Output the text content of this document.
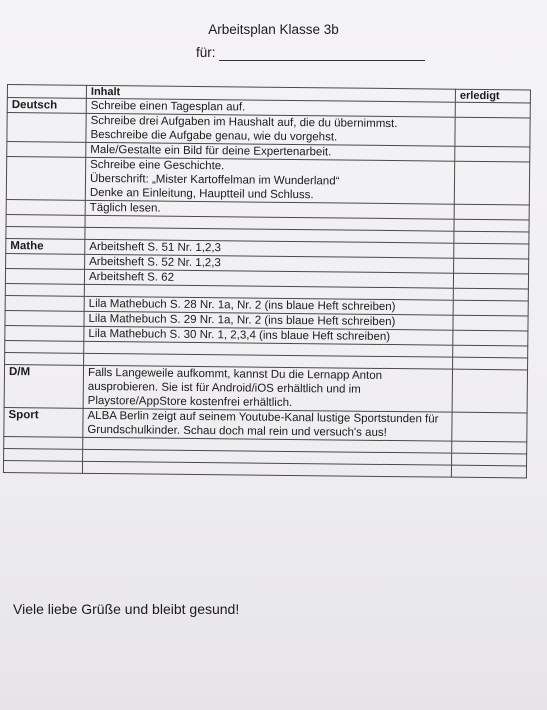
Arbeitsplan Klasse 3b
für:
	Inhalt	erledigt
Deutsch	Schreibe einen Tagesplan auf.	
	Schreibe drei Aufgaben im Haushalt auf, die du übernimmst. Beschreibe die Aufgabe genau, wie du vorgehst.	
	Male/Gestalte ein Bild für deine Expertenarbeit.	
	Schreibe eine Geschichte.
Überschrift: „Mister Kartoffelman im Wunderland“
Denke an Einleitung, Hauptteil und Schluss.	
	Täglich lesen.	

Mathe	Arbeitsheft S. 51 Nr. 1,2,3	
	Arbeitsheft S. 52 Nr. 1,2,3	
	Arbeitsheft S. 62	

	Lila Mathebuch S. 28 Nr. 1a, Nr. 2 (ins blaue Heft schreiben)	
	Lila Mathebuch S. 29 Nr. 1a, Nr. 2 (ins blaue Heft schreiben)	
	Lila Mathebuch S. 30 Nr. 1, 2,3,4 (ins blaue Heft schreiben)	

D/M	Falls Langeweile aufkommt, kannst Du die Lernapp Anton ausprobieren. Sie ist für Android/iOS erhältlich und im Playstore/AppStore kostenfrei erhältlich.	
Sport	ALBA Berlin zeigt auf seinem Youtube-Kanal lustige Sportstunden für Grundschulkinder. Schau doch mal rein und versuch's aus!	

Viele liebe Grüße und bleibt gesund!
